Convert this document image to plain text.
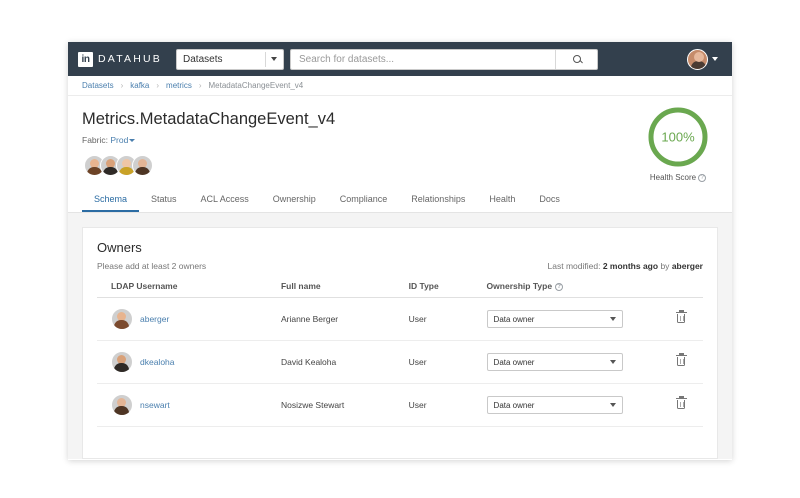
in DATAHUB Datasets
Search for datasets...
Datasets › kafka › metrics › MetadataChangeEvent_v4
Metrics.MetadataChangeEvent_v4
Fabric: Prod	100%
Health Score ?
Schema	Status	ACL Access	Ownership	Compliance	Relationships	Health	Docs
Owners
Please add at least 2 owners	Last modified: 2 months ago by aberger
LDAP Username	Full name	ID Type	Ownership Type ?	

aberger	Arianne Berger	User	Data owner	

dkealoha	David Kealoha	User	Data owner	

nsewart	Nosizwe Stewart	User	Data owner	
